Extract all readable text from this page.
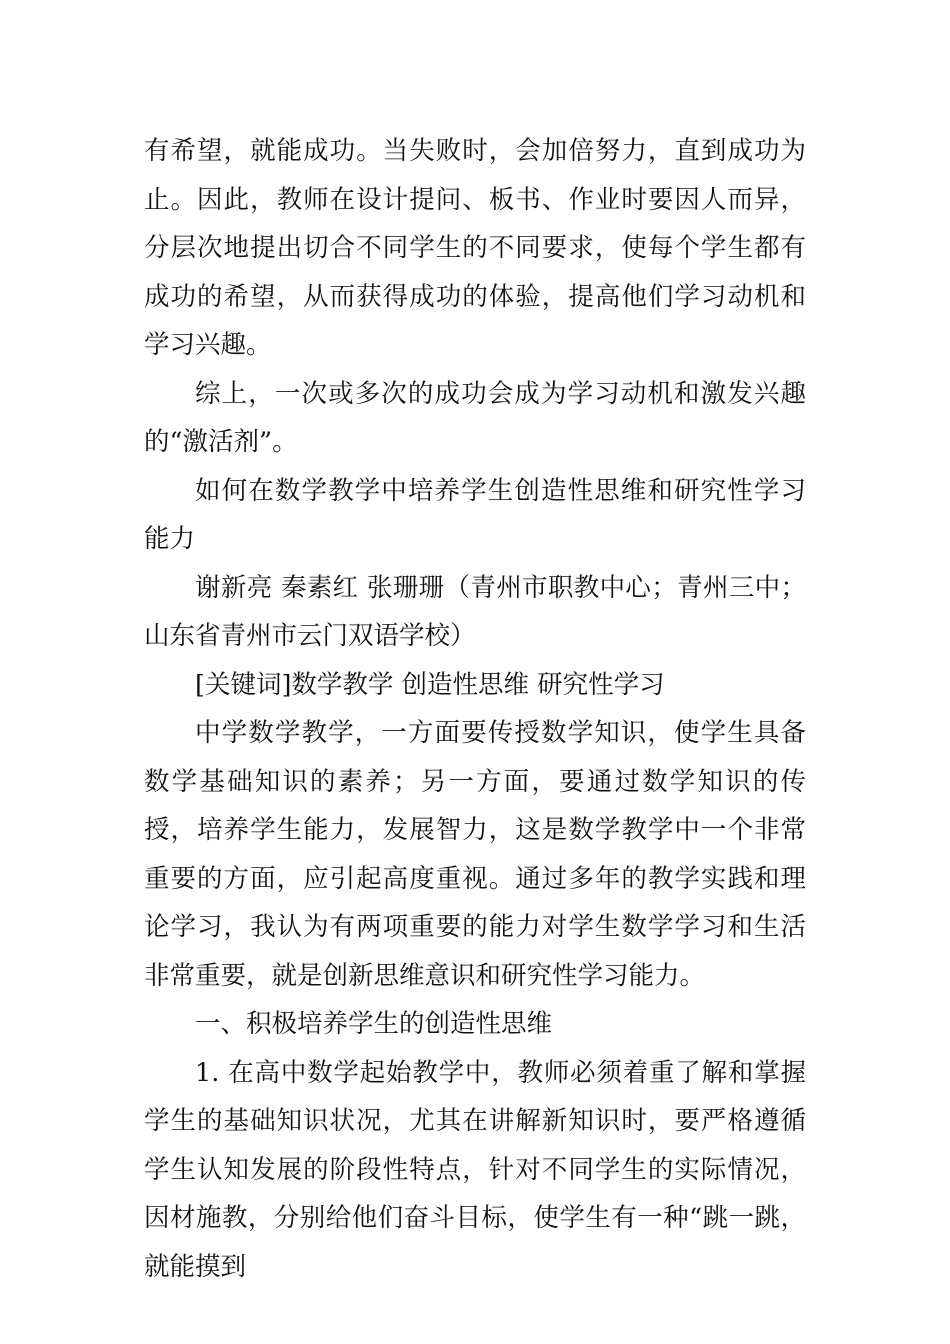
有希望，就能成功。当失败时，会加倍努力，直到成功为止。因此，教师在设计提问、板书、作业时要因人而异，分层次地提出切合不同学生的不同要求，使每个学生都有成功的希望，从而获得成功的体验，提高他们学习动机和学习兴趣。

综上，一次或多次的成功会成为学习动机和激发兴趣的“激活剂”。

如何在数学教学中培养学生创造性思维和研究性学习能力

谢新亮 秦素红 张珊珊（青州市职教中心；青州三中；山东省青州市云门双语学校）

[关键词]数学教学 创造性思维 研究性学习

中学数学教学，一方面要传授数学知识，使学生具备数学基础知识的素养；另一方面，要通过数学知识的传授，培养学生能力，发展智力，这是数学教学中一个非常重要的方面，应引起高度重视。通过多年的教学实践和理论学习，我认为有两项重要的能力对学生数学学习和生活非常重要，就是创新思维意识和研究性学习能力。

一、积极培养学生的创造性思维

1. 在高中数学起始教学中，教师必须着重了解和掌握学生的基础知识状况，尤其在讲解新知识时，要严格遵循学生认知发展的阶段性特点，针对不同学生的实际情况，因材施教，分别给他们奋斗目标，使学生有一种“跳一跳，就能摸到
